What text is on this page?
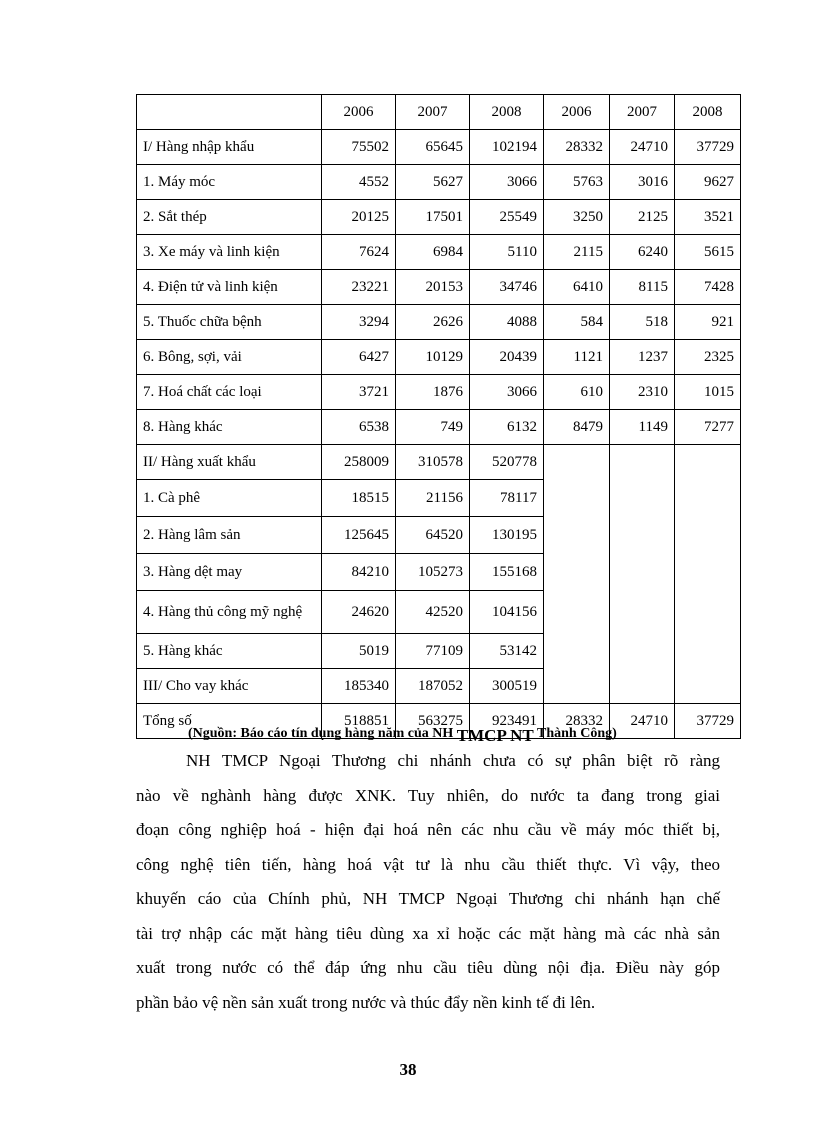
	2006	2007	2008	2006	2007	2008
I/ Hàng nhập khẩu	75502	65645	102194	28332	24710	37729
1. Máy móc	4552	5627	3066	5763	3016	9627
2. Sắt thép	20125	17501	25549	3250	2125	3521
3. Xe máy và linh kiện	7624	6984	5110	2115	6240	5615
4. Điện tử và linh kiện	23221	20153	34746	6410	8115	7428
5. Thuốc chữa bệnh	3294	2626	4088	584	518	921
6. Bông, sợi, vải	6427	10129	20439	1121	1237	2325
7. Hoá chất các loại	3721	1876	3066	610	2310	1015
8. Hàng khác	6538	749	6132	8479	1149	7277
II/ Hàng xuất khẩu	258009	310578	520778			
1. Cà phê	18515	21156	78117			
2. Hàng lâm sản	125645	64520	130195			
3. Hàng dệt may	84210	105273	155168			
4. Hàng thủ công mỹ nghệ	24620	42520	104156			
5. Hàng khác	5019	77109	53142			
III/ Cho vay khác	185340	187052	300519			
Tổng số	518851	563275	923491	28332	24710	37729
(Nguồn: Báo cáo tín dụng hàng năm của NH TMCP NT Thành Công)

NH TMCP Ngoại Thương chi nhánh chưa có sự phân biệt rõ ràng
nào về nghành hàng được XNK. Tuy nhiên, do nước ta đang trong giai
đoạn công nghiệp hoá - hiện đại hoá nên các nhu cầu về máy móc thiết bị,
công nghệ tiên tiến, hàng hoá vật tư là nhu cầu thiết thực. Vì vậy, theo
khuyến cáo của Chính phủ, NH TMCP Ngoại Thương chi nhánh hạn chế
tài trợ nhập các mặt hàng tiêu dùng xa xỉ hoặc các mặt hàng mà các nhà sản
xuất trong nước có thể đáp ứng nhu cầu tiêu dùng nội địa. Điều này góp
phần bảo vệ nền sản xuất trong nước và thúc đẩy nền kinh tế đi lên.

38
